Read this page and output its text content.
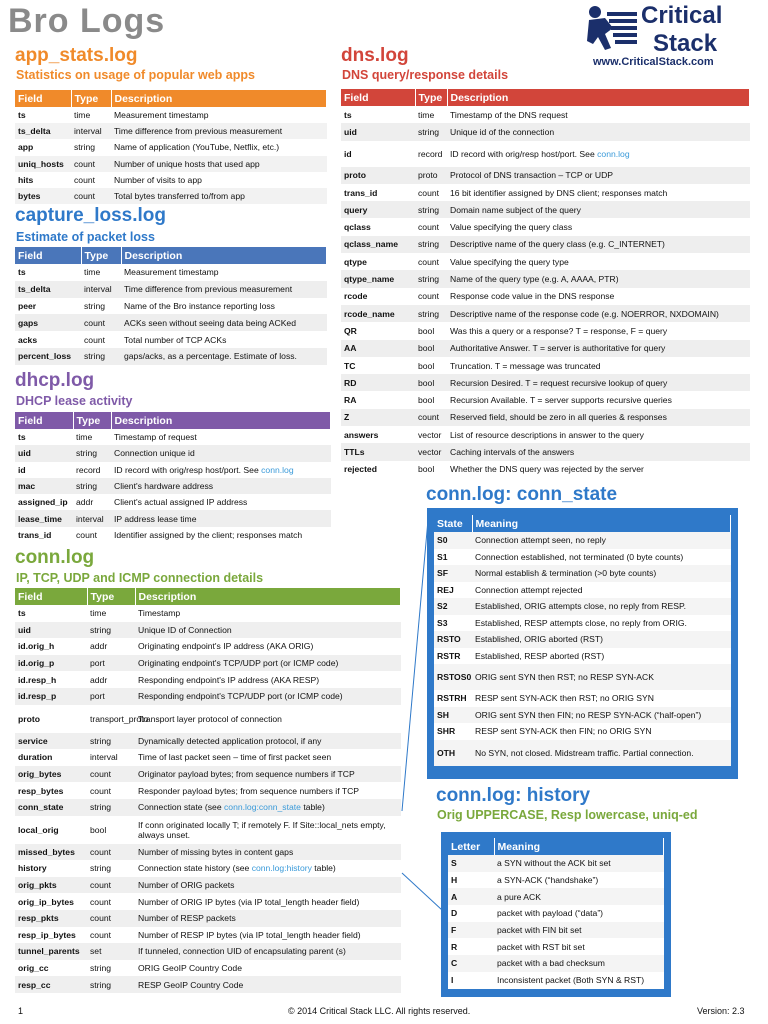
Bro Logs	Critical
Stack
www.CriticalStack.com
app_stats.log
Statistics on usage of popular web apps
Field	Type	Description
ts	time	Measurement timestamp
ts_delta	interval	Time difference from previous measurement
app	string	Name of application (YouTube, Netflix, etc.)
uniq_hosts	count	Number of unique hosts that used app
hits	count	Number of visits to app
bytes	count	Total bytes transferred to/from app
capture_loss.log
Estimate of packet loss
Field	Type	Description
ts	time	Measurement timestamp
ts_delta	interval	Time difference from previous measurement
peer	string	Name of the Bro instance reporting loss
gaps	count	ACKs seen without seeing data being ACKed
acks	count	Total number of TCP ACKs
percent_loss	string	gaps/acks, as a percentage. Estimate of loss.
dhcp.log
DHCP lease activity
Field	Type	Description
ts	time	Timestamp of request
uid	string	Connection unique id
id	record	ID record with orig/resp host/port. See conn.log
mac	string	Client's hardware address
assigned_ip	addr	Client's actual assigned IP address
lease_time	interval	IP address lease time
trans_id	count	Identifier assigned by the client; responses match
conn.log
IP, TCP, UDP and ICMP connection details
Field	Type	Description
ts	time	Timestamp
uid	string	Unique ID of Connection
id.orig_h	addr	Originating endpoint's IP address (AKA ORIG)
id.orig_p	port	Originating endpoint's TCP/UDP port (or ICMP code)
id.resp_h	addr	Responding endpoint's IP address (AKA RESP)
id.resp_p	port	Responding endpoint's TCP/UDP port (or ICMP code)
proto	transport_proto	Transport layer protocol of connection
service	string	Dynamically detected application protocol, if any
duration	interval	Time of last packet seen – time of first packet seen
orig_bytes	count	Originator payload bytes; from sequence numbers if TCP
resp_bytes	count	Responder payload bytes; from sequence numbers if TCP
conn_state	string	Connection state (see conn.log:conn_state table)
local_orig	bool	If conn originated locally T; if remotely F. If Site::local_nets empty, always unset.
missed_bytes	count	Number of missing bytes in content gaps
history	string	Connection state history (see conn.log:history table)
orig_pkts	count	Number of ORIG packets
orig_ip_bytes	count	Number of ORIG IP bytes (via IP total_length header field)
resp_pkts	count	Number of RESP packets
resp_ip_bytes	count	Number of RESP IP bytes (via IP total_length header field)
tunnel_parents	set	If tunneled, connection UID of encapsulating parent (s)
orig_cc	string	ORIG GeoIP Country Code
resp_cc	string	RESP GeoIP Country Code
dns.log
DNS query/response details
Field	Type	Description
ts	time	Timestamp of the DNS request
uid	string	Unique id of the connection
id	record	ID record with orig/resp host/port. See conn.log
proto	proto	Protocol of DNS transaction – TCP or UDP
trans_id	count	16 bit identifier assigned by DNS client; responses match
query	string	Domain name subject of the query
qclass	count	Value specifying the query class
qclass_name	string	Descriptive name of the query class (e.g. C_INTERNET)
qtype	count	Value specifying the query type
qtype_name	string	Name of the query type (e.g. A, AAAA, PTR)
rcode	count	Response code value in the DNS response
rcode_name	string	Descriptive name of the response code (e.g. NOERROR, NXDOMAIN)
QR	bool	Was this a query or a response? T = response, F = query
AA	bool	Authoritative Answer. T = server is authoritative for query
TC	bool	Truncation. T = message was truncated
RD	bool	Recursion Desired. T = request recursive lookup of query
RA	bool	Recursion Available. T = server supports recursive queries
Z	count	Reserved field, should be zero in all queries & responses
answers	vector	List of resource descriptions in answer to the query
TTLs	vector	Caching intervals of the answers
rejected	bool	Whether the DNS query was rejected by the server
conn.log: conn_state
State	Meaning
S0	Connection attempt seen, no reply
S1	Connection established, not terminated (0 byte counts)
SF	Normal establish & termination (>0 byte counts)
REJ	Connection attempt rejected
S2	Established, ORIG attempts close, no reply from RESP.
S3	Established, RESP attempts close, no reply from ORIG.
RSTO	Established, ORIG aborted (RST)
RSTR	Established, RESP aborted (RST)
RSTOS0	ORIG sent SYN then RST; no RESP SYN-ACK
RSTRH	RESP sent SYN-ACK then RST; no ORIG SYN
SH	ORIG sent SYN then FIN; no RESP SYN-ACK (“half-open”)
SHR	RESP sent SYN-ACK then FIN; no ORIG SYN
OTH	No SYN, not closed. Midstream traffic. Partial connection.
conn.log: history
Orig UPPERCASE, Resp lowercase, uniq-ed
Letter	Meaning
S	a SYN without the ACK bit set
H	a SYN-ACK (“handshake”)
A	a pure ACK
D	packet with payload (“data”)
F	packet with FIN bit set
R	packet with RST bit set
C	packet with a bad checksum
I	Inconsistent packet (Both SYN & RST)
1	© 2014 Critical Stack LLC. All rights reserved.	Version: 2.3
